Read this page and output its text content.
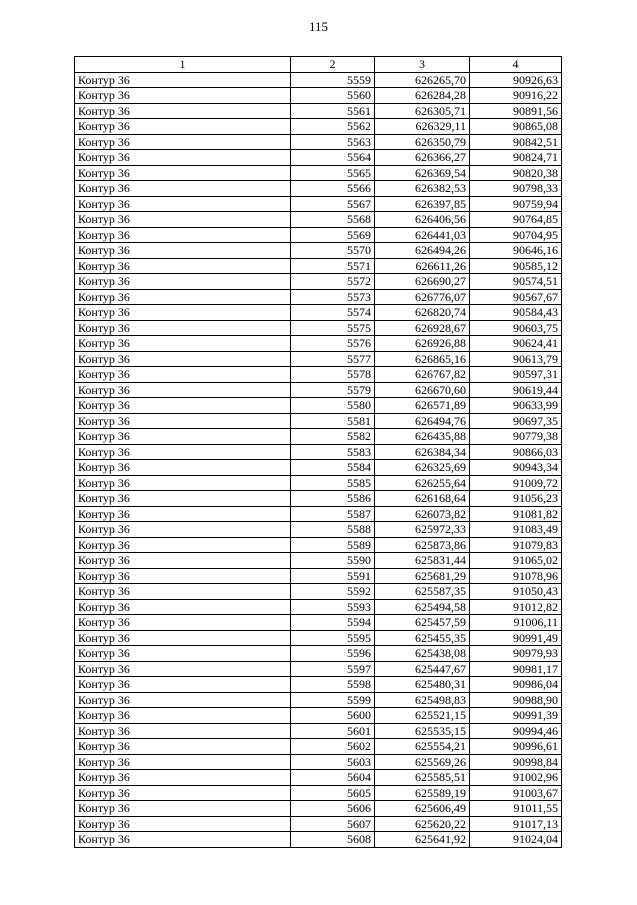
115
1	2	3	4
Контур 36	5559	626265,70	90926,63
Контур 36	5560	626284,28	90916,22
Контур 36	5561	626305,71	90891,56
Контур 36	5562	626329,11	90865,08
Контур 36	5563	626350,79	90842,51
Контур 36	5564	626366,27	90824,71
Контур 36	5565	626369,54	90820,38
Контур 36	5566	626382,53	90798,33
Контур 36	5567	626397,85	90759,94
Контур 36	5568	626406,56	90764,85
Контур 36	5569	626441,03	90704,95
Контур 36	5570	626494,26	90646,16
Контур 36	5571	626611,26	90585,12
Контур 36	5572	626690,27	90574,51
Контур 36	5573	626776,07	90567,67
Контур 36	5574	626820,74	90584,43
Контур 36	5575	626928,67	90603,75
Контур 36	5576	626926,88	90624,41
Контур 36	5577	626865,16	90613,79
Контур 36	5578	626767,82	90597,31
Контур 36	5579	626670,60	90619,44
Контур 36	5580	626571,89	90633,99
Контур 36	5581	626494,76	90697,35
Контур 36	5582	626435,88	90779,38
Контур 36	5583	626384,34	90866,03
Контур 36	5584	626325,69	90943,34
Контур 36	5585	626255,64	91009,72
Контур 36	5586	626168,64	91056,23
Контур 36	5587	626073,82	91081,82
Контур 36	5588	625972,33	91083,49
Контур 36	5589	625873,86	91079,83
Контур 36	5590	625831,44	91065,02
Контур 36	5591	625681,29	91078,96
Контур 36	5592	625587,35	91050,43
Контур 36	5593	625494,58	91012,82
Контур 36	5594	625457,59	91006,11
Контур 36	5595	625455,35	90991,49
Контур 36	5596	625438,08	90979,93
Контур 36	5597	625447,67	90981,17
Контур 36	5598	625480,31	90986,04
Контур 36	5599	625498,83	90988,90
Контур 36	5600	625521,15	90991,39
Контур 36	5601	625535,15	90994,46
Контур 36	5602	625554,21	90996,61
Контур 36	5603	625569,26	90998,84
Контур 36	5604	625585,51	91002,96
Контур 36	5605	625589,19	91003,67
Контур 36	5606	625606,49	91011,55
Контур 36	5607	625620,22	91017,13
Контур 36	5608	625641,92	91024,04
